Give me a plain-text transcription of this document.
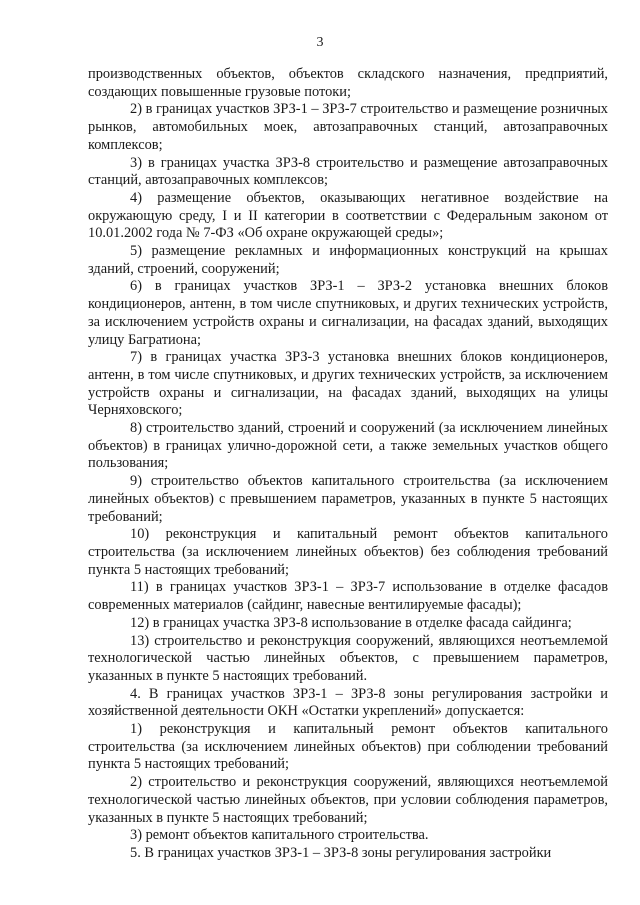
3

производственных объектов, объектов складского назначения, предприятий, создающих повышенные грузовые потоки;

2) в границах участков ЗРЗ-1 – ЗРЗ-7 строительство и размещение розничных рынков, автомобильных моек, автозаправочных станций, автозаправочных комплексов;

3) в границах участка ЗРЗ-8 строительство и размещение автозаправочных станций, автозаправочных комплексов;

4) размещение объектов, оказывающих негативное воздействие на окружающую среду, I и II категории в соответствии с Федеральным законом от 10.01.2002 года № 7-ФЗ «Об охране окружающей среды»;

5) размещение рекламных и информационных конструкций на крышах зданий, строений, сооружений;

6) в границах участков ЗРЗ-1 – ЗРЗ-2 установка внешних блоков кондиционеров, антенн, в том числе спутниковых, и других технических устройств, за исключением устройств охраны и сигнализации, на фасадах зданий, выходящих улицу Багратиона;

7) в границах участка ЗРЗ-3 установка внешних блоков кондиционеров, антенн, в том числе спутниковых, и других технических устройств, за исключением устройств охраны и сигнализации, на фасадах зданий, выходящих на улицы Черняховского;

8) строительство зданий, строений и сооружений (за исключением линейных объектов) в границах улично-дорожной сети, а также земельных участков общего пользования;

9) строительство объектов капитального строительства (за исключением линейных объектов) с превышением параметров, указанных в пункте 5 настоящих требований;

10) реконструкция и капитальный ремонт объектов капитального строительства (за исключением линейных объектов) без соблюдения требований пункта 5 настоящих требований;

11) в границах участков ЗРЗ-1 – ЗРЗ-7 использование в отделке фасадов современных материалов (сайдинг, навесные вентилируемые фасады);

12) в границах участка ЗРЗ-8 использование в отделке фасада сайдинга;

13) строительство и реконструкция сооружений, являющихся неотъемлемой технологической частью линейных объектов, с превышением параметров, указанных в пункте 5 настоящих требований.

4. В границах участков ЗРЗ-1 – ЗРЗ-8 зоны регулирования застройки и хозяйственной деятельности ОКН «Остатки укреплений» допускается:

1) реконструкция и капитальный ремонт объектов капитального строительства (за исключением линейных объектов) при соблюдении требований пункта 5 настоящих требований;

2) строительство и реконструкция сооружений, являющихся неотъемлемой технологической частью линейных объектов, при условии соблюдения параметров, указанных в пункте 5 настоящих требований;

3) ремонт объектов капитального строительства.

5. В границах участков ЗРЗ-1 – ЗРЗ-8 зоны регулирования застройки
